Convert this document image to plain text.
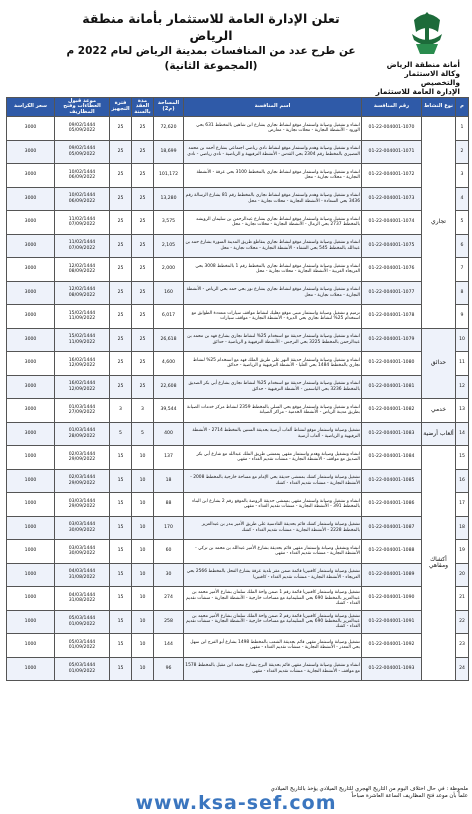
أمانة منطقة الرياض
وكالة الاستثمار والتخصيص
الإدارة العامة للاستثمار
تعلن الإدارة العامة للاستثمار بأمانة منطقة الرياض
عن طرح عدد من المنافسات بمدينة الرياض لعام 2022 م
(المجموعة الثانية)
م	نوع النشاط	رقم المنافسة	اسم المنافسة	المساحة (م2)	مدة العقد بالسنة	فترة التجهيز	موعد قبول العطاءات وفتح المظاريف	سعر الكراسة
1	تجاري	01-22-004001-1070	انشاء و تشغيل وصيانة واستثمار موقع لنشاط تجاري بشارع ابن شاهين بالمخطط 631 بحي الورود - الأنشطة التجارية - محلات تجارية - معارض	72,620	25	25	09/02/1444
05/09/2022	3000
2		01-22-004001-1071	انشاء و تشغيل وصيانة وهدم واستثمار موقع لنشاط نادي رياضي اجتماعي بشارع أحمد بن محمد المصيري بالمخطط رقم 2304 بحي القدس - الأنشطة الترفيهية و الرياضية - نادي رياضي - نادي	18,699	25	25	09/02/1444
05/09/2022	3000
3		01-22-004001-1072	انشاء و تشغيل وصيانة واستثمار موقع لنشاط تجاري بالمخطط 3100 بحي عرقة - الأنشطة التجارية - محلات تجارية - محل	101,172	25	25	10/02/1444
06/09/2022	3000
4		01-22-004001-1073	انشاء و تشغيل وصيانة وهدم واستثمار موقع لنشاط تجاري بالمخطط رقم 81 بشارع الرسالة رقم 3436 بحي السعادة - الأنشطة التجارية - محلات تجارية - محل	13,280	25	25	10/02/1444
06/09/2022	3000
5		01-22-004001-1074	انشاء و تشغيل وصيانة واستثمار موقع لنشاط تجاري بشارع عبدالرحمن بن سليمان الرويشد بالمخطط 2737 بحي الرمال - الأنشطة التجارية - محلات تجارية - محل	3,575	25	25	11/02/1444
07/09/2022	3000
6		01-22-004001-1075	انشاء و تشغيل وصيانة واستثمار موقع لنشاط تجاري بتقاطع طريق المدينة المنورة بشارع حمد بن عبدالله بالمخطط 545 بحي الشفاء - الأنشطة التجارية - محلات تجارية - محل	2,105	25	25	11/02/1444
07/09/2022	3000
7		01-22-004001-1076	انشاء و تشغيل وصيانة واستثمار موقع لنشاط تجاري بالمخطط رقم 1 بالمخطط 3008 بحي العريجاء الغربية - الأنشطة التجارية - محلات تجارية - محل	2,000	25	25	12/02/1444
08/09/2022	3000
8		01-22-004001-1077	انشاء و تشغيل وصيانة واستثمار موقع لنشاط تجاري بشارع نور بحي حمد بحي الرياض - الأنشطة التجارية - محلات تجارية - محل	160	25	25	12/02/1444
08/09/2022	3000
9		01-22-004001-1078	ترميم و تشغيل وصيانة واستثمار مبنى موقع دهليك لنشاط مواقف سيارات متعددة الطوابق مع استخدام 25% لنشاط تجاري بحي الديرة - الأنشطة التجارية - مواقف سيارات	6,017	25	25	15/02/1444
11/09/2022	3000
10	حدائق	01-22-004001-1079	انشاء و تشغيل وصيانة واستثمار حديقة مع استخدام 25% لنشاط تجاري بشارع فهد بن محمد بن عبدالرحمن بالمخطط 3225 بحي النرجس - الأنشطة الترفيهية و الرياضية - حدائق	26,618	25	25	15/02/1444
11/09/2022	3000
11		01-22-004001-1080	انشاء و تشغيل وصيانة واستثمار حديقة النهر على طريق الملك فهد مع استخدام 25% لنشاط تجاري بالمخطط 1484 بحي العليا - الأنشطة الترفيهية و الرياضية - حدائق	4,600	25	25	16/02/1444
12/09/2022	3000
12		01-22-004001-1081	انشاء و تشغيل وصيانة واستثمار حديقة مع استخدام 25% لنشاط تجاري بشارع أبي بكر الصديق بالمخطط 3236 بحي الياسمين - الأنشطة الترفيهية - حدائق	22,608	25	25	16/02/1444
12/09/2022	3000
13	خدمي	01-22-004001-1082	انشاء و تشغيل وصيانة واستثمار موقع بحي السلي بالمخطط 2359 لنشاط مركز خدمات الصيانة بطريق مدينة الرياض - الأنشطة الخدمية - مراكز الصيانة	39,544	3	3	01/03/1444
27/09/2022	3000
14	ألعاب أرضية	01-22-004001-1083	تشغيل وصيانة واستثمار موقع لنشاط ألعاب أرضية بحديقة الستين بالمخطط 2714 - الأنشطة الترفيهية و الرياضية - ألعاب أرضية	400	5	5	01/03/1444
28/09/2022	3000
15	أكشاك ومقاهي	01-22-004001-1084	انشاء وتشغيل وصيانة وهدم واستثمار مقهى بممشى طريق الملك عبدالله مع شارع أبي بكر الصديق مع مواقف - الأنشطة التجارية - منشأت تقديم الغذاء - مقهى	137	10	15	02/03/1444
29/09/2022	1000
16		01-22-004001-1085	تشغيل وصيانة واستثمار كشك بممشى حديقة بحي الإمام مع مساحة خارجية بالمخطط 2008 - الأنشطة التجارية - منشأت تقديم الغذاء - كشك	18	10	15	02/03/1444
29/09/2022	1000
17		01-22-004001-1086	انشاء و تشغيل وصيانة واستثمار مقهى بممشى حديقة الروضة بالموقع رقم 2 بشارع ابن البناء بالمخطط 391 - الأنشطة التجارية - منشأت تقديم الغذاء - مقهى	88	10	15	03/03/1444
29/09/2022	1000
18		01-22-004001-1087	تشغيل وصيانة واستثمار كشك قائم بحديقة القادسية على طريق الأمير بندر بن عبدالعزيز بالمخطط 2228 - الأنشطة التجارية - منشأت تقديم الغذاء - كشك	170	10	15	03/03/1444
30/09/2022	1000
19		01-22-004001-1088	انشاء وتشغيل وصيانة واستثمار مقهى قائم بحديقة بشارع الأمير عبدالله بن محمد بن تركي - الأنشطة التجارية - منشأت تقديم الغذاء - مقهى	60	10	15	03/03/1444
30/09/2022	1000
20		01-22-004001-1089	تشغيل وصيانة واستثمار كافتيريا قائمة ضمن مقر بلدية عرقة بشارع الفحل بالمخطط 2566 بحي العريجاء - الأنشطة التجارية - منشأت تقديم الغذاء - كافتيريا	30	10	15	04/03/1444
31/08/2022	1000
21		01-22-004001-1090	تشغيل وصيانة واستثمار كافتيريا قائمة رقم 1 ضمن واحة الملك سلمان بشارع الأمير محمد بن عبدالعزيز بالمخطط 690 بحي السليمانية مع مساحات خارجية - الأنشطة التجارية - منشأت تقديم الغذاء - كشك	274	10	15	04/03/1444
31/08/2022	1000
22		01-22-004001-1091	تشغيل وصيانة واستثمار كافتيريا قائمة رقم 2 ضمن واحة الملك سلمان بشارع الأمير محمد بن عبدالعزيز بالمخطط 690 بحي السليمانية مع مساحات خارجية - الأنشطة التجارية - منشأت تقديم الغذاء - كشك	258	10	15	05/03/1444
01/09/2022	1000
23		01-22-004001-1092	تشغيل وصيانة واستثمار مقهى قائم بحديقة الشعب بالمخطط 1498 بشارع أبو الفرج ابن سهل بحي المعذر - الأنشطة التجارية - منشأت تقديم الغذاء - مقهى	144	10	15	05/03/1444
01/09/2022	1000
24		01-22-004001-1093	انشاء و تشغيل وصيانة واستثمار مقهى قائم بحديقة البرج بشارع محمد ابن مقبل بالمخطط 1578 مع مواقف - الأنشطة التجارية - منشأت تقديم الغذاء - مقهى	96	10	15	05/03/1444
01/09/2022	1000
ملحوظة : في حال اختلاف اليوم من التاريخ الهجري للتاريخ الميلادي يؤخذ بالتاريخ الميلادي
علماً بأن موعد فتح المظاريف الساعة العاشرة صباحاً
www.ksa-sef.com
